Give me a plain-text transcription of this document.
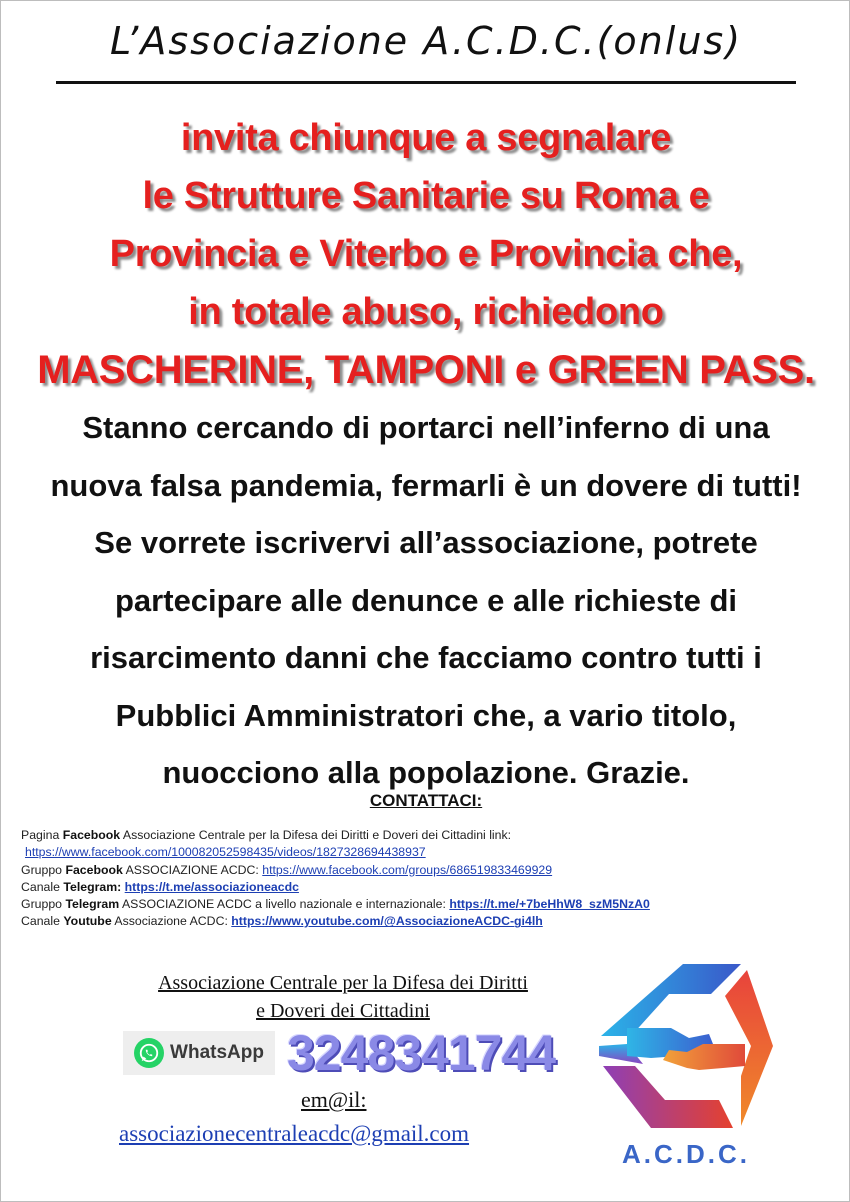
L’Associazione A.C.D.C.(onlus)
invita chiunque a segnalare
le Strutture Sanitarie su Roma e
Provincia e Viterbo e Provincia che,
in totale abuso, richiedono
MASCHERINE, TAMPONI e GREEN PASS.
Stanno cercando di portarci nell’inferno di una
nuova falsa pandemia, fermarli è un dovere di tutti!
Se vorrete iscrivervi all’associazione, potrete
partecipare alle denunce e alle richieste di
risarcimento danni che facciamo contro tutti i
Pubblici Amministratori che, a vario titolo,
nuocciono alla popolazione. Grazie.
CONTATTACI:
Pagina Facebook Associazione Centrale per la Difesa dei Diritti e Doveri dei Cittadini link:
https://www.facebook.com/100082052598435/videos/1827328694438937
Gruppo Facebook ASSOCIAZIONE ACDC: https://www.facebook.com/groups/686519833469929
Canale Telegram: https://t.me/associazioneacdc
Gruppo Telegram ASSOCIAZIONE ACDC a livello nazionale e internazionale: https://t.me/+7beHhW8_szM5NzA0
Canale Youtube Associazione ACDC: https://www.youtube.com/@AssociazioneACDC-gi4lh
Associazione Centrale per la Difesa dei Diritti
e Doveri dei Cittadini
WhatsApp 3248341744
em@il:
associazionecentraleacdc@gmail.com
A.C.D.C.
